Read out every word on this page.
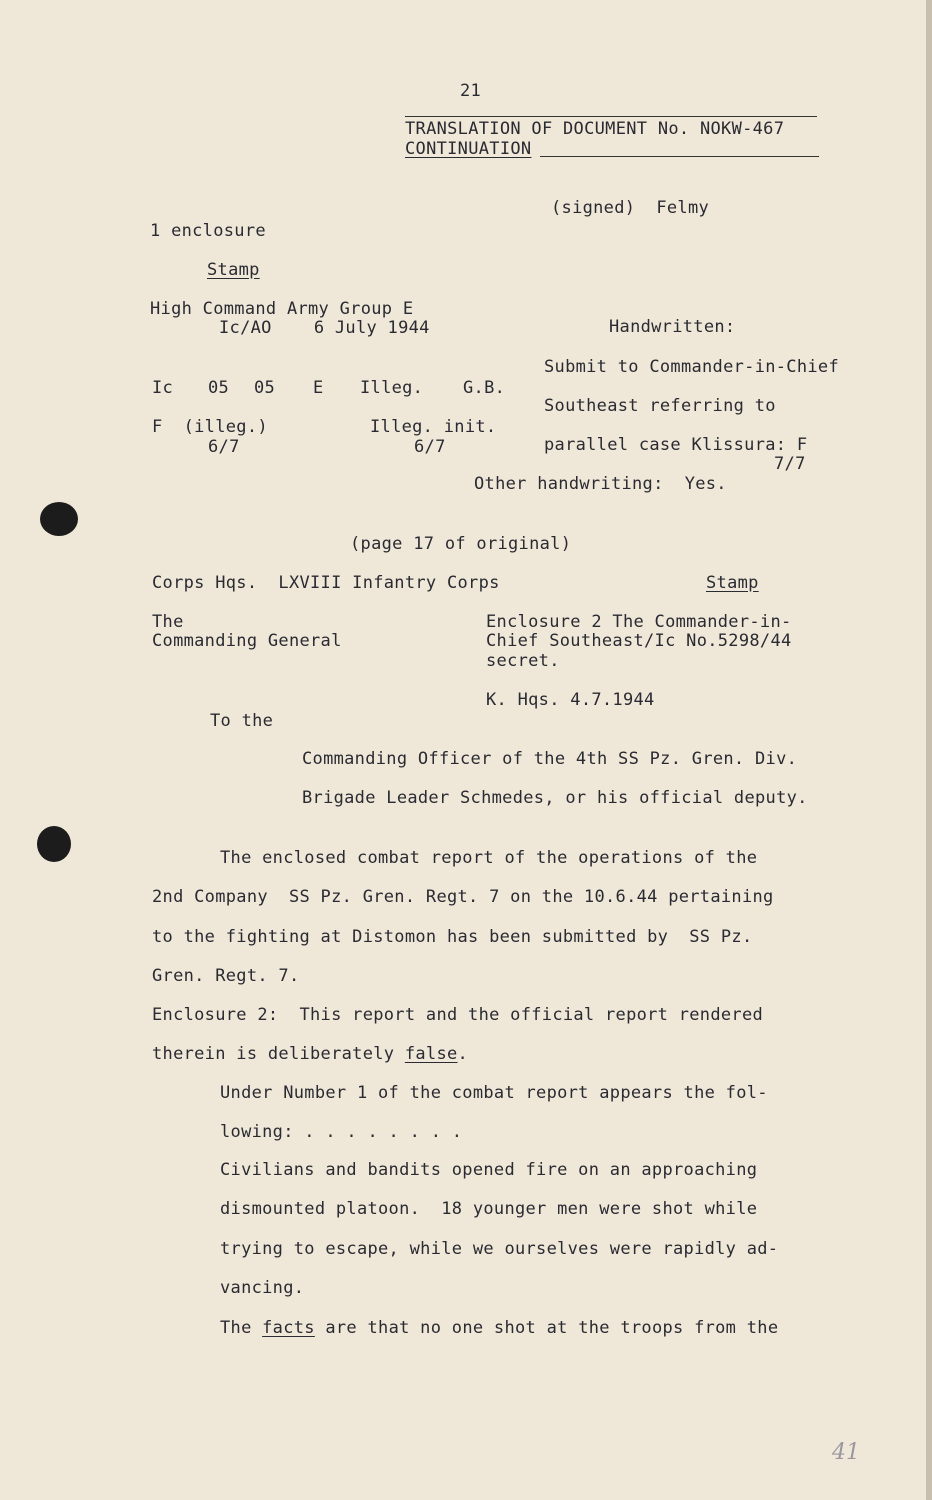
21
TRANSLATION OF DOCUMENT No. NOKW-467
CONTINUATION
(signed)  Felmy
1 enclosure
Stamp
High Command Army Group E
Ic/AO    6 July 1944	Handwritten:
Submit to Commander-in-Chief
Ic 05 05 E Illeg. G.B.
Southeast referring to
F  (illeg.)
6/7
Illeg. init.
6/7	parallel case Klissura: F
7/7
Other handwriting:  Yes.
(page 17 of original)
Corps Hqs.  LXVIII Infantry Corps	Stamp
The
Commanding General
Enclosure 2 The Commander-in-
Chief Southeast/Ic No.5298/44
secret.
K. Hqs. 4.7.1944
To the
Commanding Officer of the 4th SS Pz. Gren. Div.
Brigade Leader Schmedes, or his official deputy.
The enclosed combat report of the operations of the
2nd Company  SS Pz. Gren. Regt. 7 on the 10.6.44 pertaining
to the fighting at Distomon has been submitted by  SS Pz.
Gren. Regt. 7.
Enclosure 2:  This report and the official report rendered
therein is deliberately false.
Under Number 1 of the combat report appears the fol-
lowing: . . . . . . . .
Civilians and bandits opened fire on an approaching
dismounted platoon.  18 younger men were shot while
trying to escape, while we ourselves were rapidly ad-
vancing.
The facts are that no one shot at the troops from the
41
